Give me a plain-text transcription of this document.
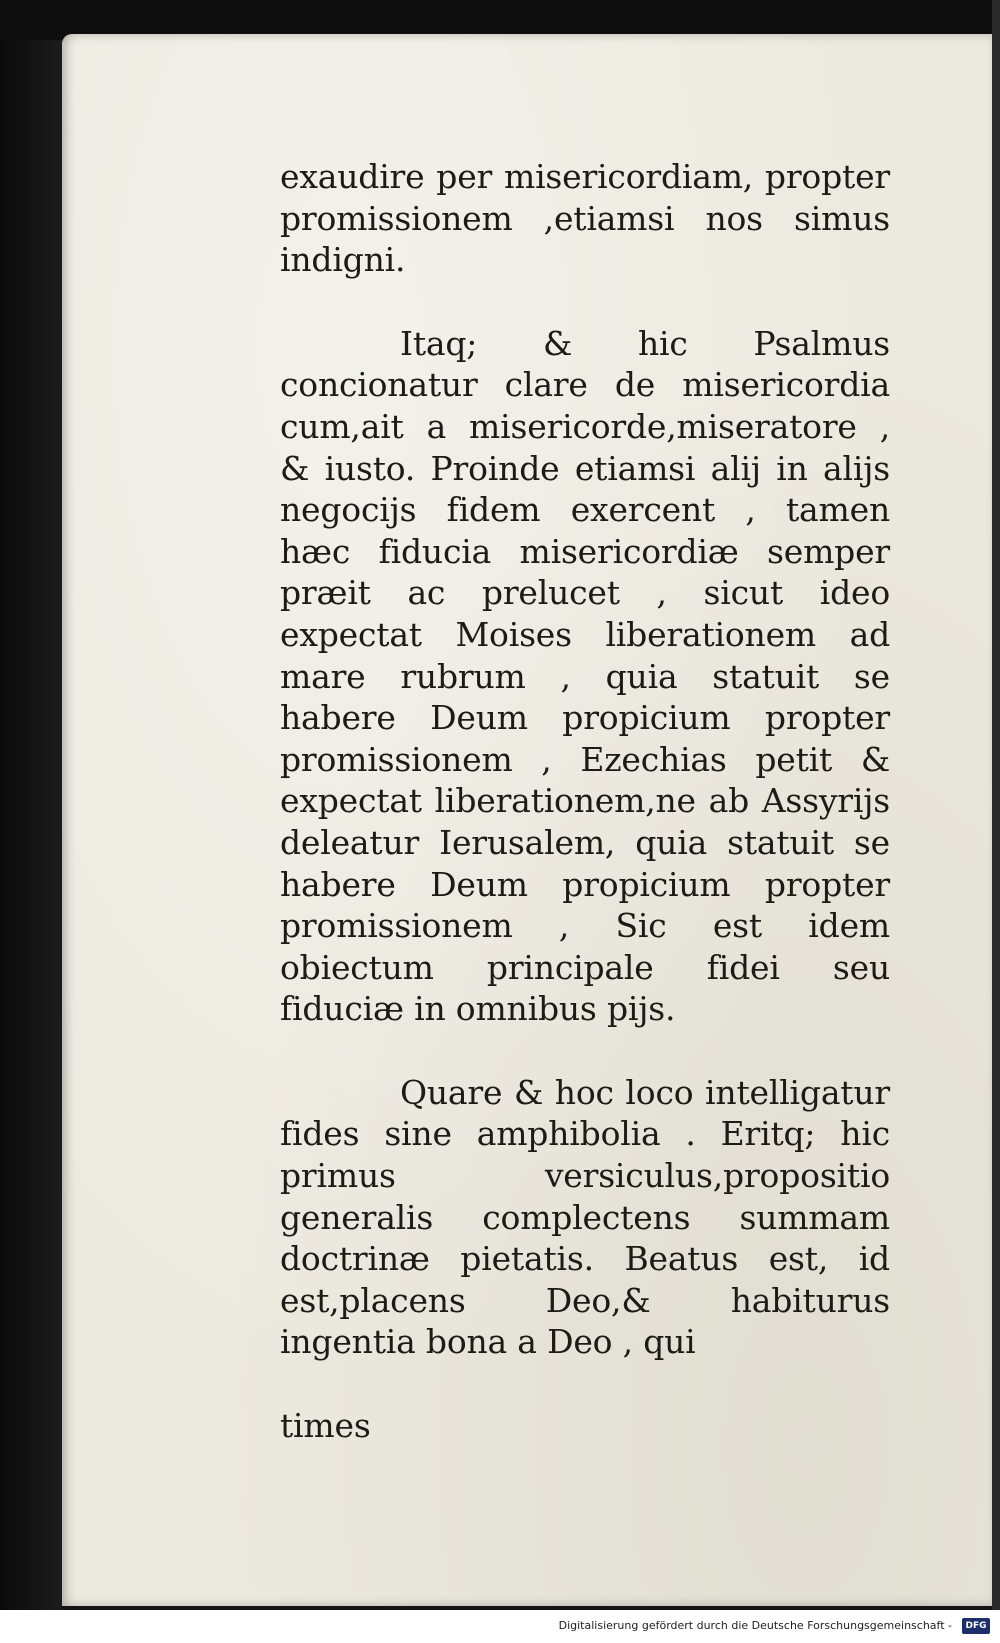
exaudire per misericordiam, propter promissionem ,etiamsi nos simus indigni.

Itaq; & hic Psalmus concionatur clare de misericordia cum,ait a misericorde,miseratore , & iusto. Proinde etiamsi alij in alijs negocijs fidem exercent , tamen hæc fiducia misericordiæ semper præit ac prelucet , sicut ideo expectat Moises liberationem ad mare rubrum , quia statuit se habere Deum propicium propter promissionem , Ezechias petit & expectat liberationem,ne ab Assyrijs deleatur Ierusalem, quia statuit se habere Deum propicium propter promissionem , Sic est idem obiectum principale fidei seu fiduciæ in omnibus pijs.

Quare & hoc loco intelligatur fides sine amphibolia . Eritq; hic primus versiculus,propositio generalis complectens summam doctrinæ pietatis. Beatus est, id est,placens Deo,& habiturus ingentia bona a Deo , qui

times

Digitalisierung gefördert durch die Deutsche Forschungsgemeinschaft -	DFG
